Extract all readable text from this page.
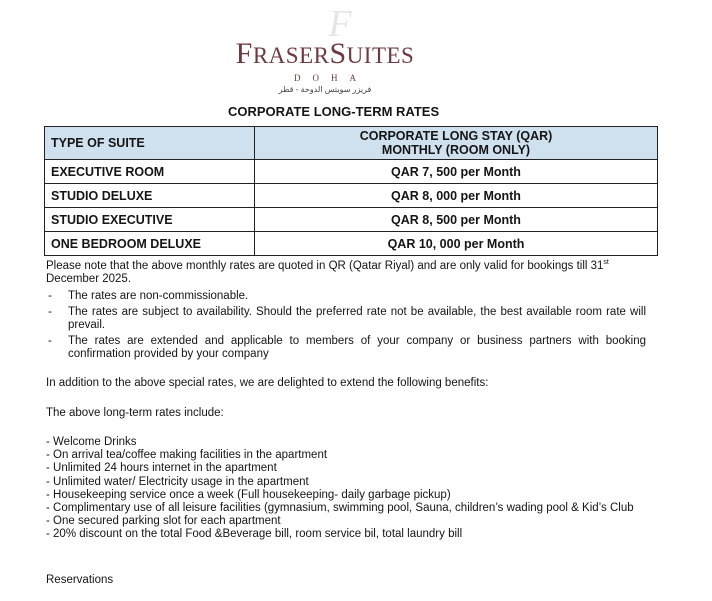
F
FRASERSUITES
DOHA
فريزر سويتس الدوحة - قطر
CORPORATE LONG-TERM RATES
TYPE OF SUITE	CORPORATE LONG STAY (QAR)
MONTHLY (ROOM ONLY)

EXECUTIVE ROOM	QAR 7, 500 per Month
STUDIO DELUXE	QAR 8, 000 per Month
STUDIO EXECUTIVE	QAR 8, 500 per Month
ONE BEDROOM DELUXE	QAR 10, 000 per Month
Please note that the above monthly rates are quoted in QR (Qatar Riyal) and are only valid for bookings till 31st December 2025.
- The rates are non-commissionable.
- The rates are subject to availability. Should the preferred rate not be available, the best available room rate will prevail.
- The rates are extended and applicable to members of your company or business partners with booking confirmation provided by your company
In addition to the above special rates, we are delighted to extend the following benefits:
The above long-term rates include:
- Welcome Drinks
- On arrival tea/coffee making facilities in the apartment
- Unlimited 24 hours internet in the apartment
- Unlimited water/ Electricity usage in the apartment
- Housekeeping service once a week (Full housekeeping- daily garbage pickup)
- Complimentary use of all leisure facilities (gymnasium, swimming pool, Sauna, children’s wading pool & Kid’s Club
- One secured parking slot for each apartment
- 20% discount on the total Food &Beverage bill, room service bil, total laundry bill
Reservations
